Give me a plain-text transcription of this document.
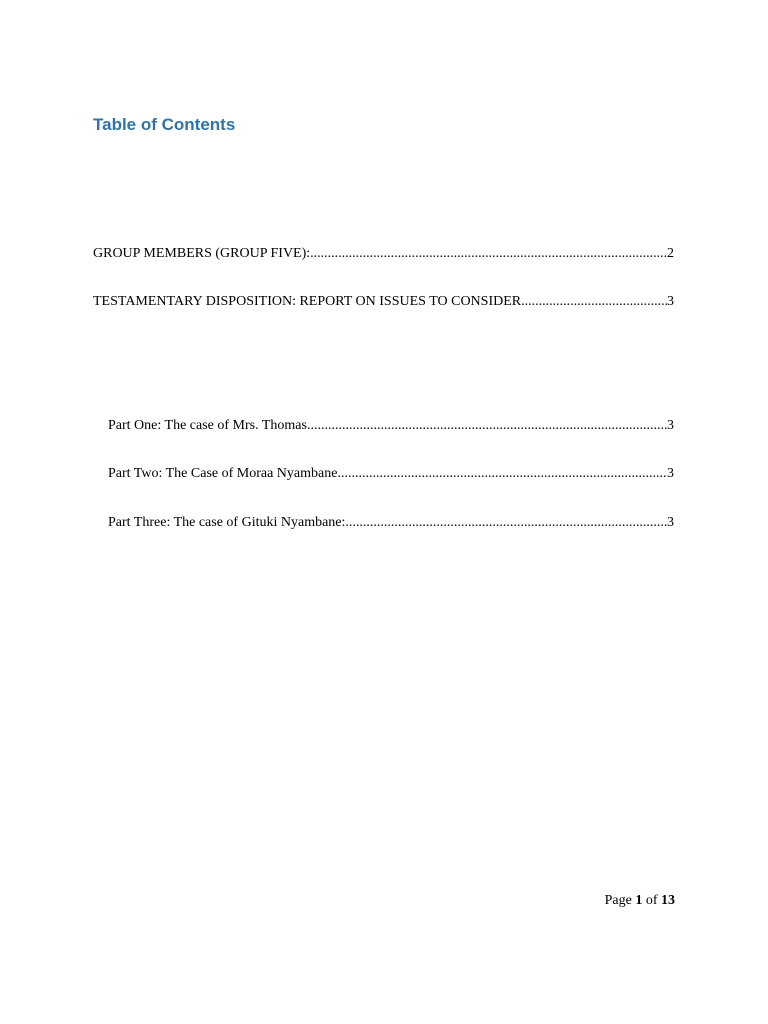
Table of Contents
GROUP MEMBERS (GROUP FIVE): .....	2
TESTAMENTARY DISPOSITION: REPORT ON ISSUES TO CONSIDER .....	3
Part One: The case of Mrs. Thomas .....	3
Part Two: The Case of Moraa Nyambane .....	3
Part Three: The case of Gituki Nyambane: .....	3
Page 1 of 13
